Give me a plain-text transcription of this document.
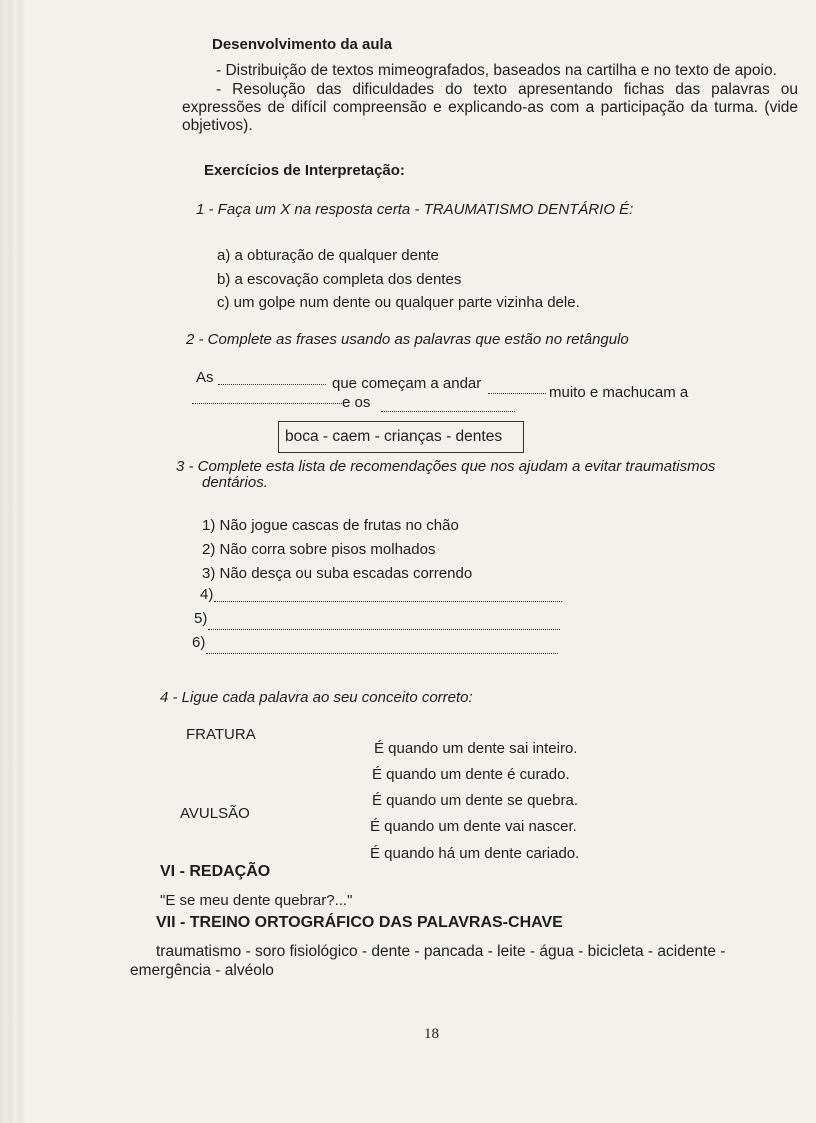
Desenvolvimento da aula
- Distribuição de textos mimeografados, baseados na cartilha e no texto de apoio.
- Resolução das dificuldades do texto apresentando fichas das palavras ou expressões de difícil compreensão e explicando-as com a participação da turma. (vide objetivos).
Exercícios de Interpretação:
1 - Faça um X na resposta certa - TRAUMATISMO DENTÁRIO É:
a) a obturação de qualquer dente
b) a escovação completa dos dentes
c) um golpe num dente ou qualquer parte vizinha dele.
2 - Complete as frases usando as palavras que estão no retângulo
As	que começam a andar
muito e machucam a
e os
boca - caem - crianças - dentes
3 - Complete esta lista de recomendações que nos ajudam a evitar traumatismos
dentários.
1) Não jogue cascas de frutas no chão
2) Não corra sobre pisos molhados
3) Não desça ou suba escadas correndo
4)
5)
6)
4 - Ligue cada palavra ao seu conceito correto:
FRATURA
AVULSÃO
É quando um dente sai inteiro.
É quando um dente é curado.
É quando um dente se quebra.
É quando um dente vai nascer.
É quando há um dente cariado.
VI - REDAÇÃO
"E se meu dente quebrar?..."
VII - TREINO ORTOGRÁFICO DAS PALAVRAS-CHAVE
traumatismo - soro fisiológico - dente - pancada - leite - água - bicicleta - acidente -
emergência - alvéolo
18
